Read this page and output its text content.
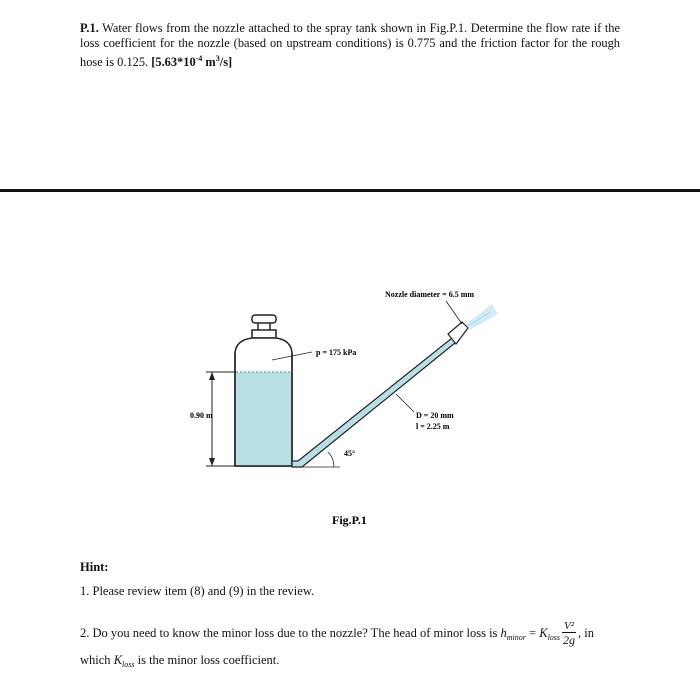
P.1. Water flows from the nozzle attached to the spray tank shown in Fig.P.1. Determine the flow rate if the loss coefficient for the nozzle (based on upstream conditions) is 0.775 and the friction factor for the rough hose is 0.125. [$5.63*10^{-4}$ $m^3/s$]
0.90 m
p = 175 kPa
Nozzle diameter = 6.5 mm
D = 20 mm
l = 2.25 m
45°
Fig.P.1
Hint:
1. Please review item (8) and (9) in the review.
2. Do you need to know the minor loss due to the nozzle? The head of minor loss is $h_{minor} = K_{loss} \frac{\text{V²}}{2g}$ , in
which $K_{loss}$ is the minor loss coefficient.
